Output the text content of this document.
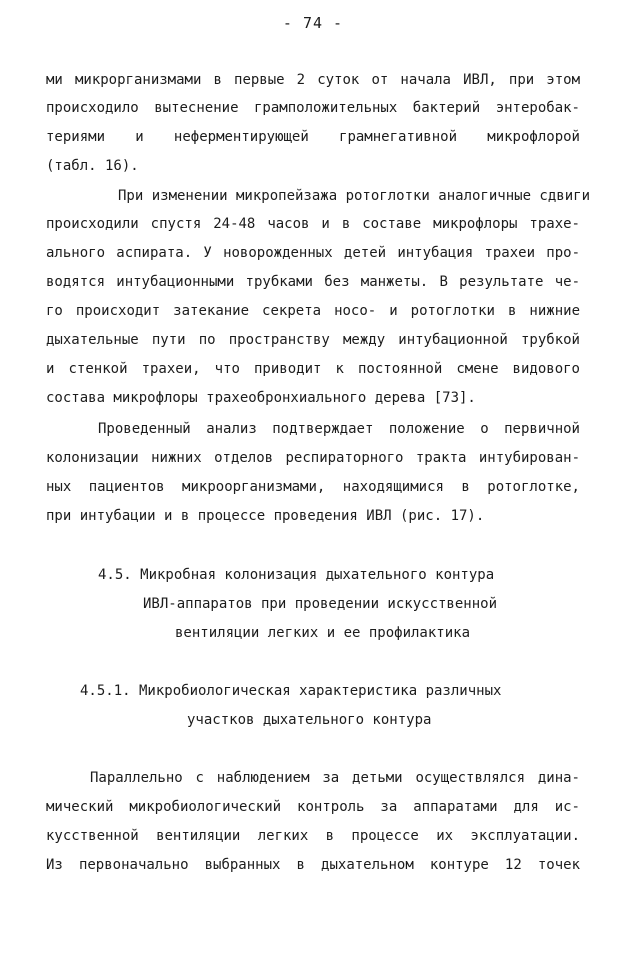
- 74 -
ми микрорганизмами в первые 2 суток от начала ИВЛ, при этом
происходило вытеснение грамположительных бактерий энтеробак-
териями и неферментирующей грамнегативной микрофлорой
(табл. 16).
При изменении микропейзажа ротоглотки аналогичные сдвиги
происходили спустя 24-48 часов и в составе микрофлоры трахе-
ального аспирата. У новорожденных детей интубация трахеи про-
водятся интубационными трубками без манжеты. В результате че-
го происходит затекание секрета носо- и ротоглотки в нижние
дыхательные пути по пространству между интубационной трубкой
и стенкой трахеи, что приводит к постоянной смене видового
состава микрофлоры трахеобронхиального дерева [73].
Проведенный анализ подтверждает положение о первичной
колонизации нижних отделов респираторного тракта интубирован-
ных пациентов микроорганизмами, находящимися в ротоглотке,
при интубации и в процессе проведения ИВЛ (рис. 17).
4.5. Микробная колонизация дыхательного контура
ИВЛ-аппаратов при проведении искусственной
вентиляции легких и ее профилактика
4.5.1. Микробиологическая характеристика различных
участков дыхательного контура
Параллельно с наблюдением за детьми осуществлялся дина-
мический микробиологический контроль за аппаратами для ис-
кусственной вентиляции легких в процессе их эксплуатации.
Из первоначально выбранных в дыхательном контуре 12 точек
